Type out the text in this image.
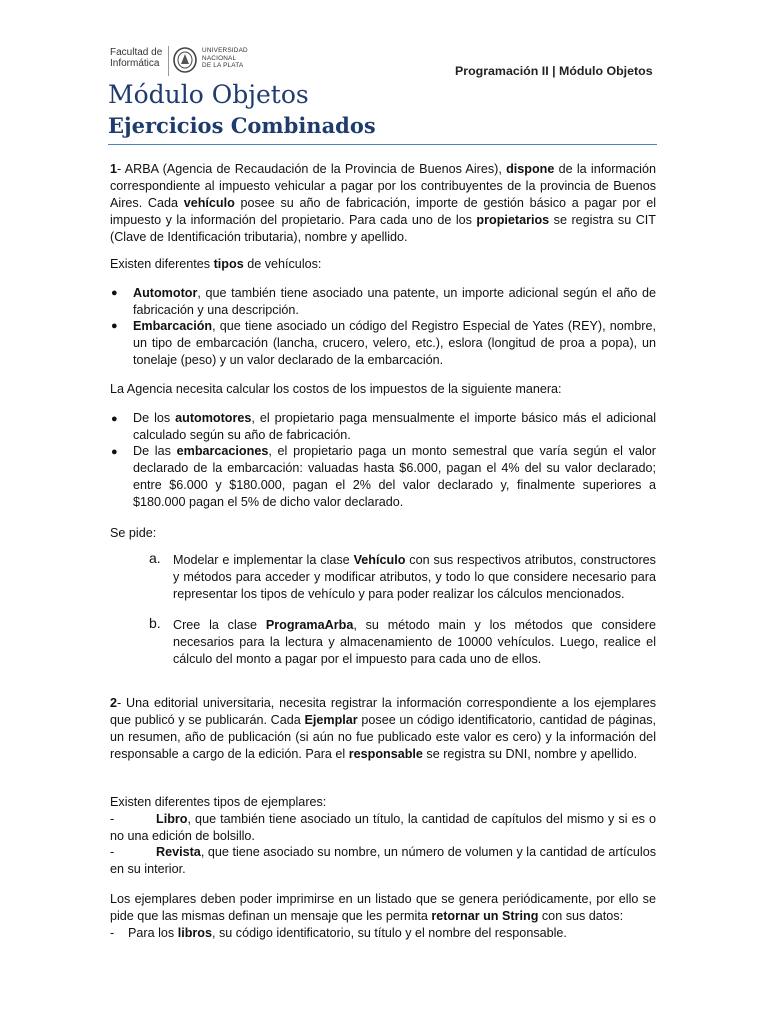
Facultad de
Informática
UNIVERSIDAD
NACIONAL
DE LA PLATA	Programación II | Módulo Objetos
Módulo Objetos
Ejercicios Combinados

1- ARBA (Agencia de Recaudación de la Provincia de Buenos Aires), dispone de la información correspondiente al impuesto vehicular a pagar por los contribuyentes de la provincia de Buenos Aires. Cada vehículo posee su año de fabricación, importe de gestión básico a pagar por el impuesto y la información del propietario. Para cada uno de los propietarios se registra su CIT (Clave de Identificación tributaria), nombre y apellido.

Existen diferentes tipos de vehículos:

● Automotor, que también tiene asociado una patente, un importe adicional según el año de fabricación y una descripción.

● Embarcación, que tiene asociado un código del Registro Especial de Yates (REY), nombre, un tipo de embarcación (lancha, crucero, velero, etc.), eslora (longitud de proa a popa), un tonelaje (peso) y un valor declarado de la embarcación.

La Agencia necesita calcular los costos de los impuestos de la siguiente manera:

● De los automotores, el propietario paga mensualmente el importe básico más el adicional calculado según su año de fabricación.

● De las embarcaciones, el propietario paga un monto semestral que varía según el valor declarado de la embarcación: valuadas hasta $6.000, pagan el 4% del su valor declarado; entre $6.000 y $180.000, pagan el 2% del valor declarado y, finalmente superiores a $180.000 pagan el 5% de dicho valor declarado.

Se pide:

a. Modelar e implementar la clase Vehículo con sus respectivos atributos, constructores y métodos para acceder y modificar atributos, y todo lo que considere necesario para representar los tipos de vehículo y para poder realizar los cálculos mencionados.

b. Cree la clase ProgramaArba, su método main y los métodos que considere necesarios para la lectura y almacenamiento de 10000 vehículos. Luego, realice el cálculo del monto a pagar por el impuesto para cada uno de ellos.

2- Una editorial universitaria, necesita registrar la información correspondiente a los ejemplares que publicó y se publicarán. Cada Ejemplar posee un código identificatorio, cantidad de páginas, un resumen, año de publicación (si aún no fue publicado este valor es cero) y la información del responsable a cargo de la edición. Para el responsable se registra su DNI, nombre y apellido.

Existen diferentes tipos de ejemplares:

-	Libro, que también tiene asociado un título, la cantidad de capítulos del mismo y si es o no una edición de bolsillo.

-	Revista, que tiene asociado su nombre, un número de volumen y la cantidad de artículos en su interior.

Los ejemplares deben poder imprimirse en un listado que se genera periódicamente, por ello se pide que las mismas definan un mensaje que les permita retornar un String con sus datos:

- Para los libros, su código identificatorio, su título y el nombre del responsable.
